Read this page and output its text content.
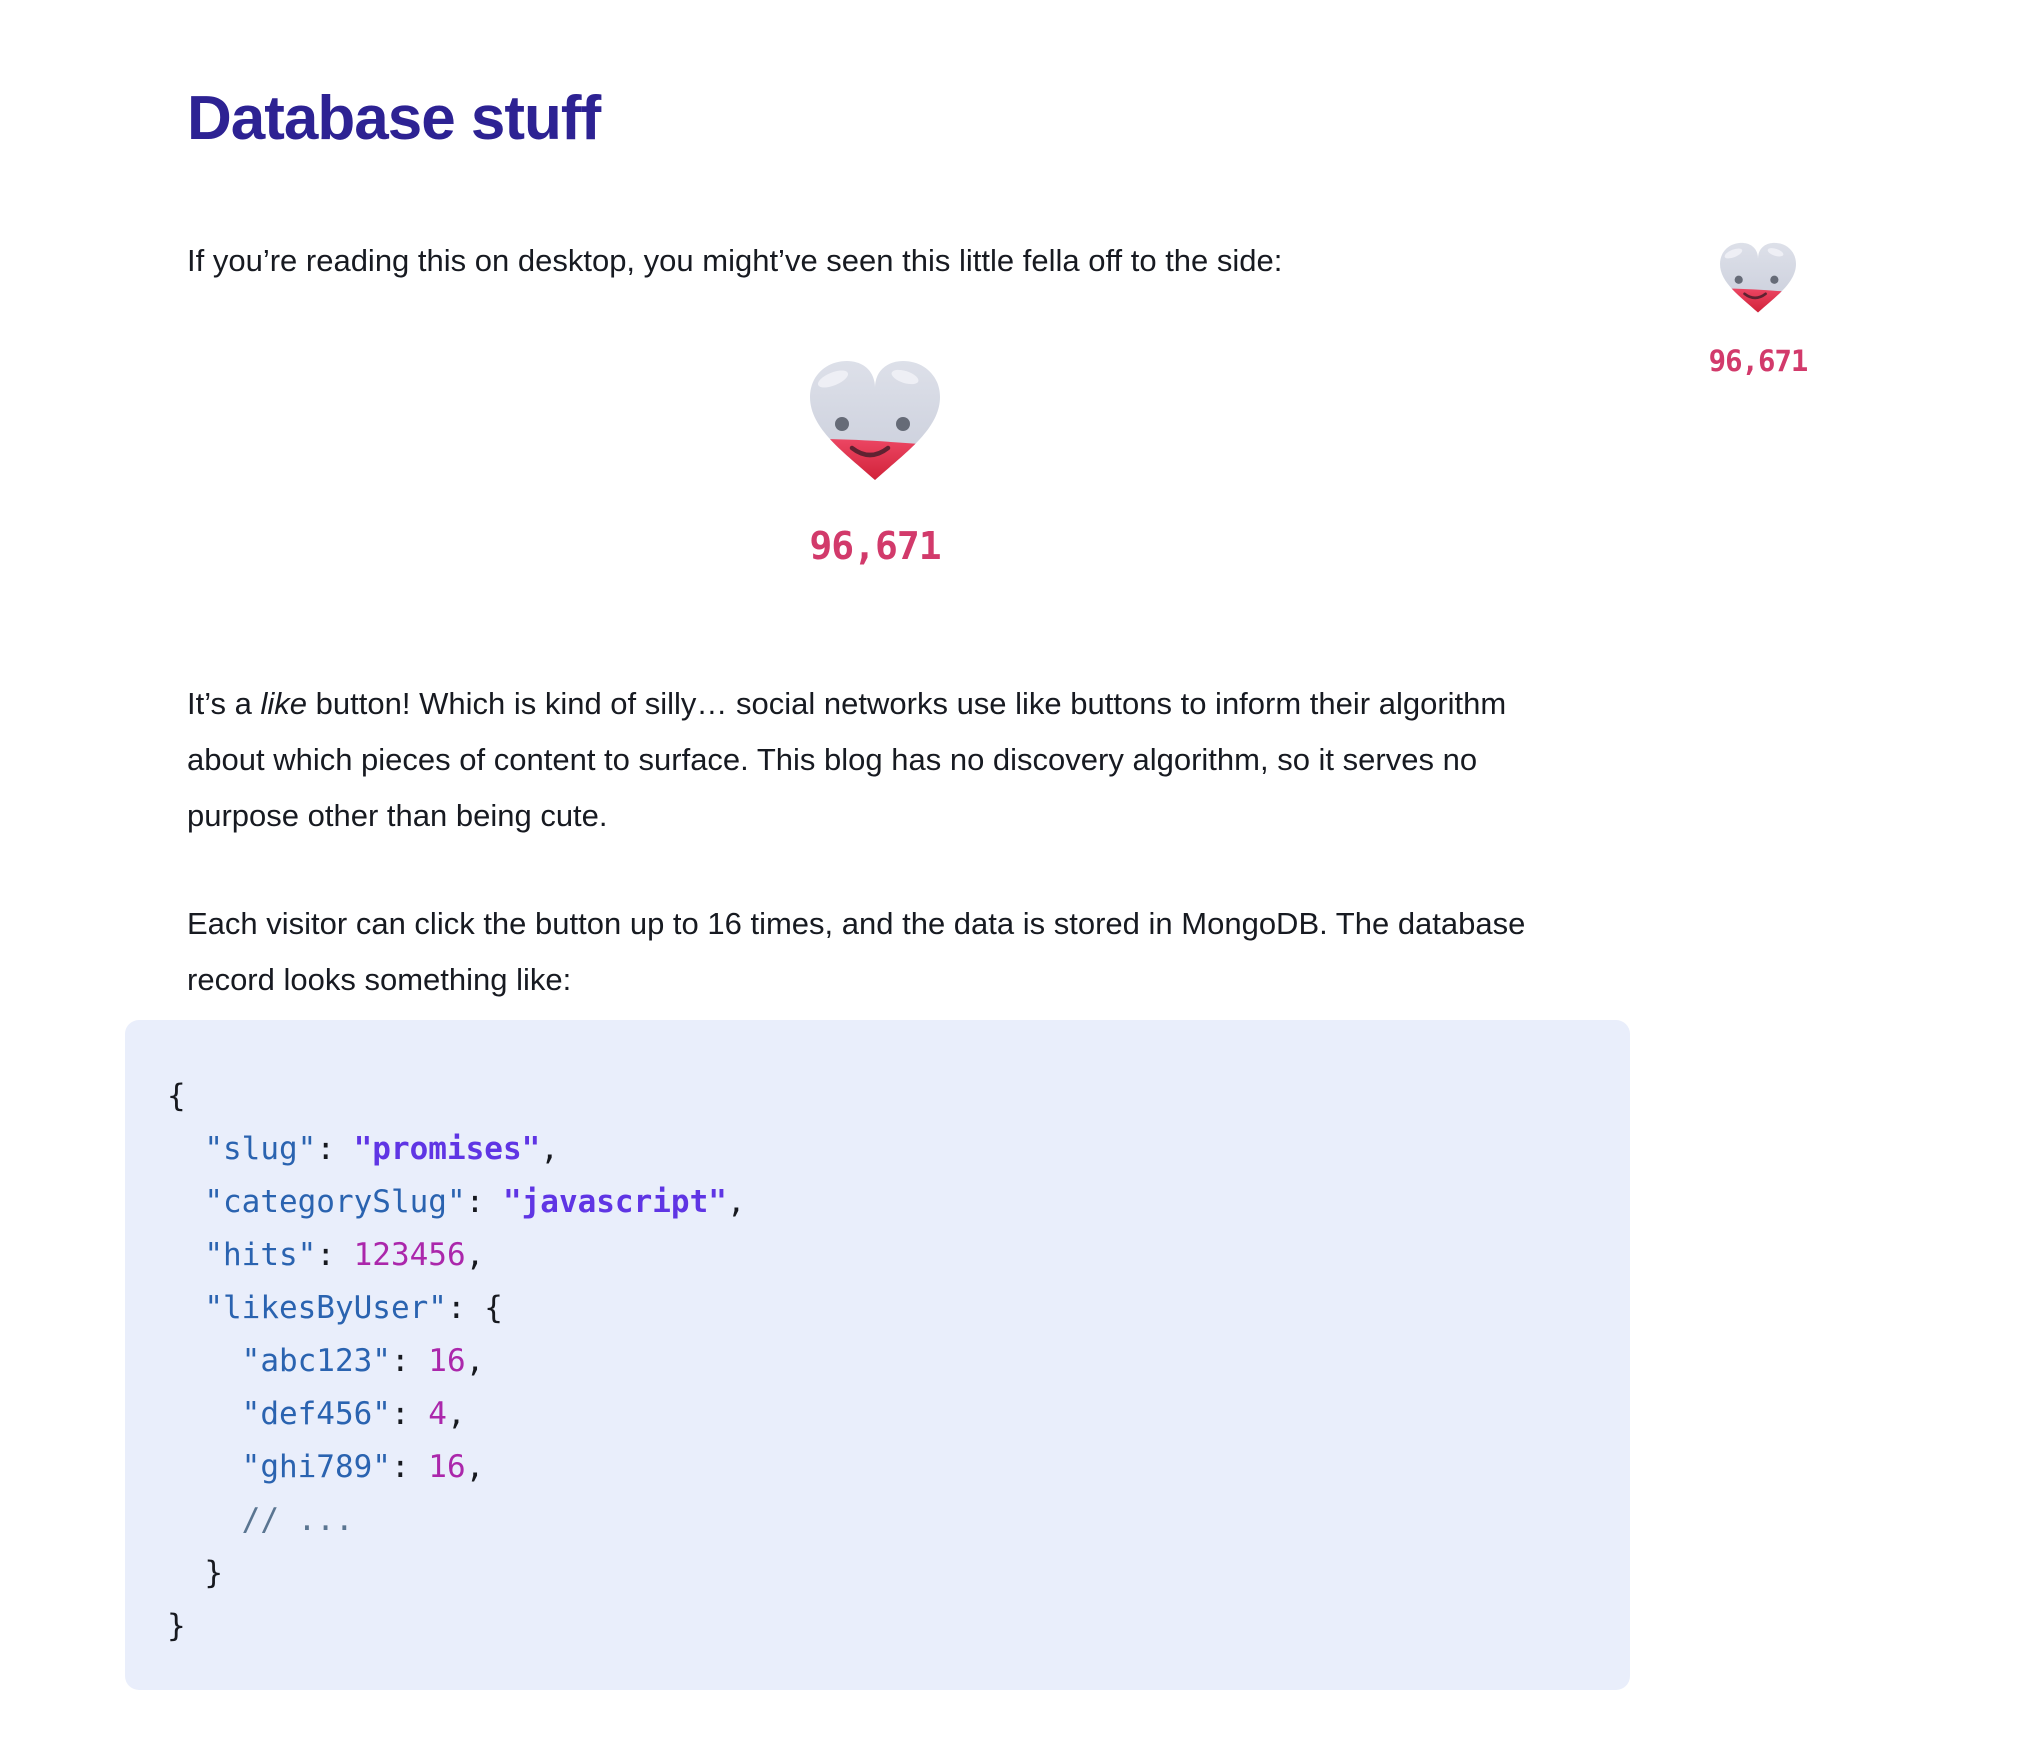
Database stuff

If you’re reading this on desktop, you might’ve seen this little fella off to the side:

96,671

It’s a like button! Which is kind of silly… social networks use like buttons to inform their algorithm about which pieces of content to surface. This blog has no discovery algorithm, so it serves no purpose other than being cute.

Each visitor can click the button up to 16 times, and the data is stored in MongoDB. The database record looks something like:

{
"slug": "promises",
"categorySlug": "javascript",
"hits": 123456,
"likesByUser": {
"abc123": 16,
"def456": 4,
"ghi789": 16,
// ...
}
}
96,671
